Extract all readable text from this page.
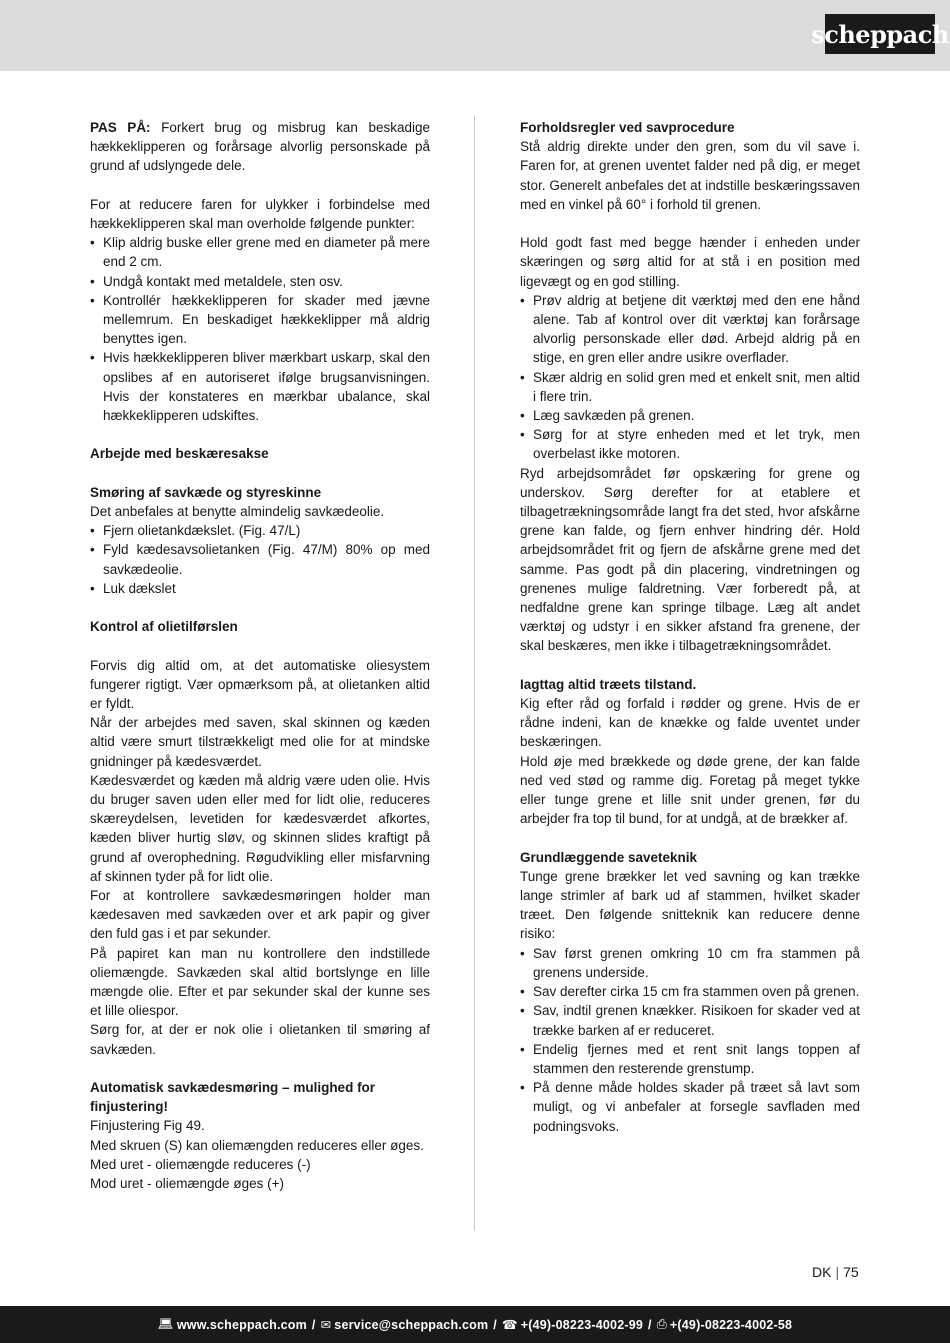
scheppach

PAS PÅ: Forkert brug og misbrug kan beskadige hækkeklipperen og forårsage alvorlig personskade på grund af udslyngede dele.

For at reducere faren for ulykker i forbindelse med hækkeklipperen skal man overholde følgende punkter:

• Klip aldrig buske eller grene med en diameter på mere end 2 cm.
• Undgå kontakt med metaldele, sten osv.
• Kontrollér hækkeklipperen for skader med jævne mellemrum. En beskadiget hækkeklipper må aldrig benyttes igen.
• Hvis hækkeklipperen bliver mærkbart uskarp, skal den opslibes af en autoriseret ifølge brugsanvisningen. Hvis der konstateres en mærkbar ubalance, skal hækkeklipperen udskiftes.
Arbejde med beskæresakse
Smøring af savkæde og styreskinne

Det anbefales at benytte almindelig savkædeolie.

• Fjern olietankdækslet. (Fig. 47/L)
• Fyld kædesavsolietanken (Fig. 47/M) 80% op med savkædeolie.
• Luk dækslet
Kontrol af olietilførslen

Forvis dig altid om, at det automatiske oliesystem fungerer rigtigt. Vær opmærksom på, at olietanken altid er fyldt.

Når der arbejdes med saven, skal skinnen og kæden altid være smurt tilstrækkeligt med olie for at mindske gnidninger på kædesværdet.

Kædesværdet og kæden må aldrig være uden olie. Hvis du bruger saven uden eller med for lidt olie, reduceres skæreydelsen, levetiden for kædesværdet afkortes, kæden bliver hurtig sløv, og skinnen slides kraftigt på grund af overophedning. Røgudvikling eller misfarvning af skinnen tyder på for lidt olie.

For at kontrollere savkædesmøringen holder man kædesaven med savkæden over et ark papir og giver den fuld gas i et par sekunder.

På papiret kan man nu kontrollere den indstillede oliemængde. Savkæden skal altid bortslynge en lille mængde olie. Efter et par sekunder skal der kunne ses et lille oliespor.

Sørg for, at der er nok olie i olietanken til smøring af savkæden.

Automatisk savkædesmøring – mulighed for finjustering!

Finjustering Fig 49.

Med skruen (S) kan oliemængden reduceres eller øges.

Med uret - oliemængde reduceres (-)

Mod uret - oliemængde øges (+)

Forholdsregler ved savprocedure

Stå aldrig direkte under den gren, som du vil save i. Faren for, at grenen uventet falder ned på dig, er meget stor. Generelt anbefales det at indstille beskæringssaven med en vinkel på 60° i forhold til grenen.

Hold godt fast med begge hænder i enheden under skæringen og sørg altid for at stå i en position med ligevægt og en god stilling.

• Prøv aldrig at betjene dit værktøj med den ene hånd alene. Tab af kontrol over dit værktøj kan forårsage alvorlig personskade eller død. Arbejd aldrig på en stige, en gren eller andre usikre overflader.
• Skær aldrig en solid gren med et enkelt snit, men altid i flere trin.
• Læg savkæden på grenen.
• Sørg for at styre enheden med et let tryk, men overbelast ikke motoren.

Ryd arbejdsområdet før opskæring for grene og underskov. Sørg derefter for at etablere et tilbagetrækningsområde langt fra det sted, hvor afskårne grene kan falde, og fjern enhver hindring dér. Hold arbejdsområdet frit og fjern de afskårne grene med det samme. Pas godt på din placering, vindretningen og grenenes mulige faldretning. Vær forberedt på, at nedfaldne grene kan springe tilbage. Læg alt andet værktøj og udstyr i en sikker afstand fra grenene, der skal beskæres, men ikke i tilbagetrækningsområdet.

Iagttag altid træets tilstand.

Kig efter råd og forfald i rødder og grene. Hvis de er rådne indeni, kan de knække og falde uventet under beskæringen.

Hold øje med brækkede og døde grene, der kan falde ned ved stød og ramme dig. Foretag på meget tykke eller tunge grene et lille snit under grenen, før du arbejder fra top til bund, for at undgå, at de brækker af.

Grundlæggende saveteknik

Tunge grene brækker let ved savning og kan trække lange strimler af bark ud af stammen, hvilket skader træet. Den følgende snitteknik kan reducere denne risiko:

• Sav først grenen omkring 10 cm fra stammen på grenens underside.
• Sav derefter cirka 15 cm fra stammen oven på grenen.
• Sav, indtil grenen knækker. Risikoen for skader ved at trække barken af er reduceret.
• Endelig fjernes med et rent snit langs toppen af stammen den resterende grenstump.
• På denne måde holdes skader på træet så lavt som muligt, og vi anbefaler at forsegle savfladen med podningsvoks.
DK | 75
💻︎ www.scheppach.com / ✉︎ service@scheppach.com / ☎︎ +(49)-08223-4002-99 / ⎙ +(49)-08223-4002-58
